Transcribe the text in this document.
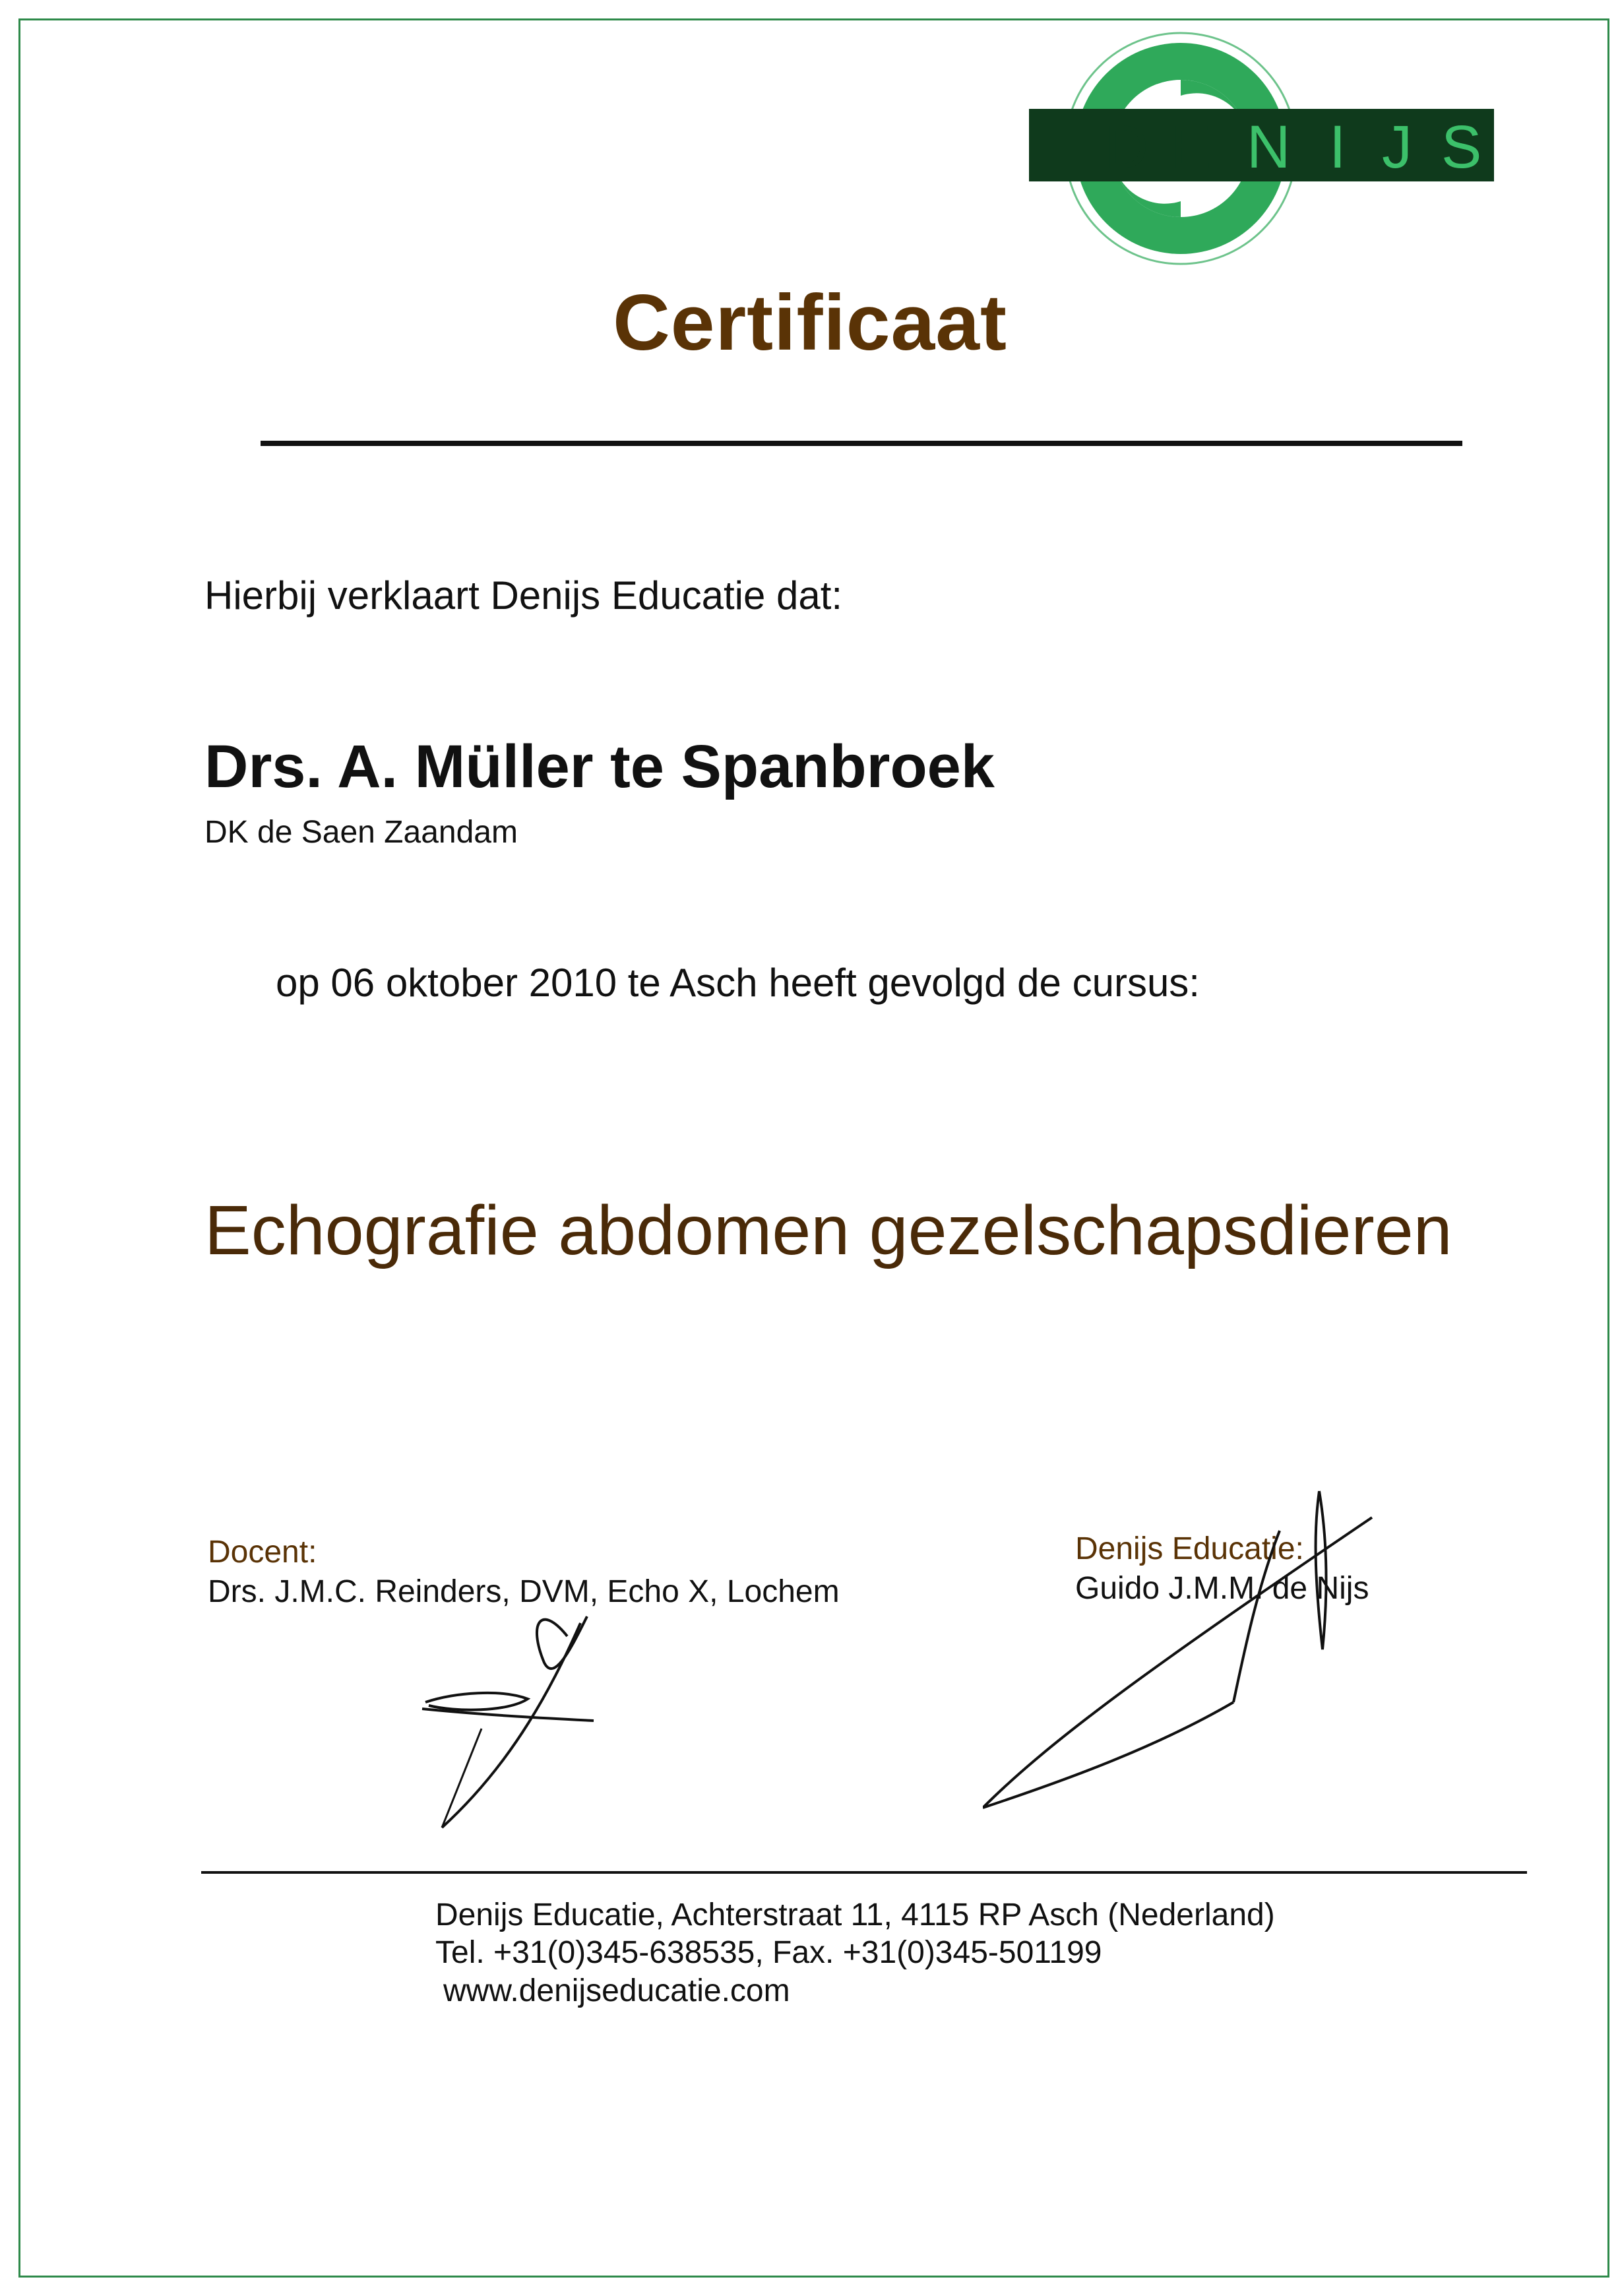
D E N I J S
Certificaat
Hierbij verklaart Denijs Educatie dat:
Drs. A. Müller te Spanbroek
DK de Saen Zaandam
op 06 oktober 2010 te Asch heeft gevolgd de cursus:
Echografie abdomen gezelschapsdieren
Docent:
Drs. J.M.C. Reinders, DVM, Echo X, Lochem
Denijs Educatie:
Guido J.M.M. de Nijs
Denijs Educatie, Achterstraat 11, 4115 RP Asch (Nederland)
Tel. +31(0)345-638535, Fax. +31(0)345-501199
www.denijseducatie.com
